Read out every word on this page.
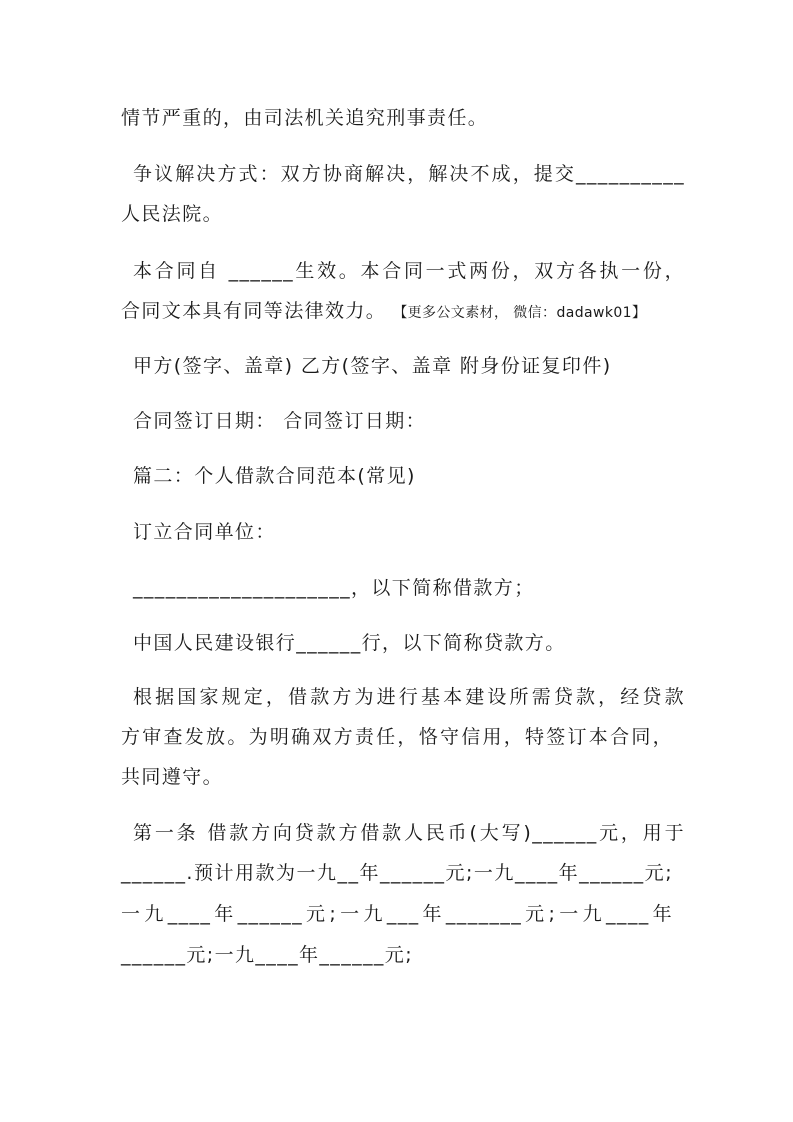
情节严重的，由司法机关追究刑事责任。
争议解决方式：双方协商解决，解决不成，提交__________
人民法院。
本合同自 ______生效。本合同一式两份，双方各执一份，
合同文本具有同等法律效力。 【更多公文素材， 微信：dadawk01】
甲方(签字、盖章) 乙方(签字、盖章 附身份证复印件)
合同签订日期： 合同签订日期：
篇二：个人借款合同范本(常见)
订立合同单位：
____________________，以下简称借款方；
中国人民建设银行______行，以下简称贷款方。
根据国家规定，借款方为进行基本建设所需贷款，经贷款
方审查发放。为明确双方责任，恪守信用，特签订本合同，
共同遵守。
第一条 借款方向贷款方借款人民币(大写)______元，用于
______.预计用款为一九__年______元;一九____年______元;
一九____年______元;一九___年_______元;一九____年
______元;一九____年______元;
